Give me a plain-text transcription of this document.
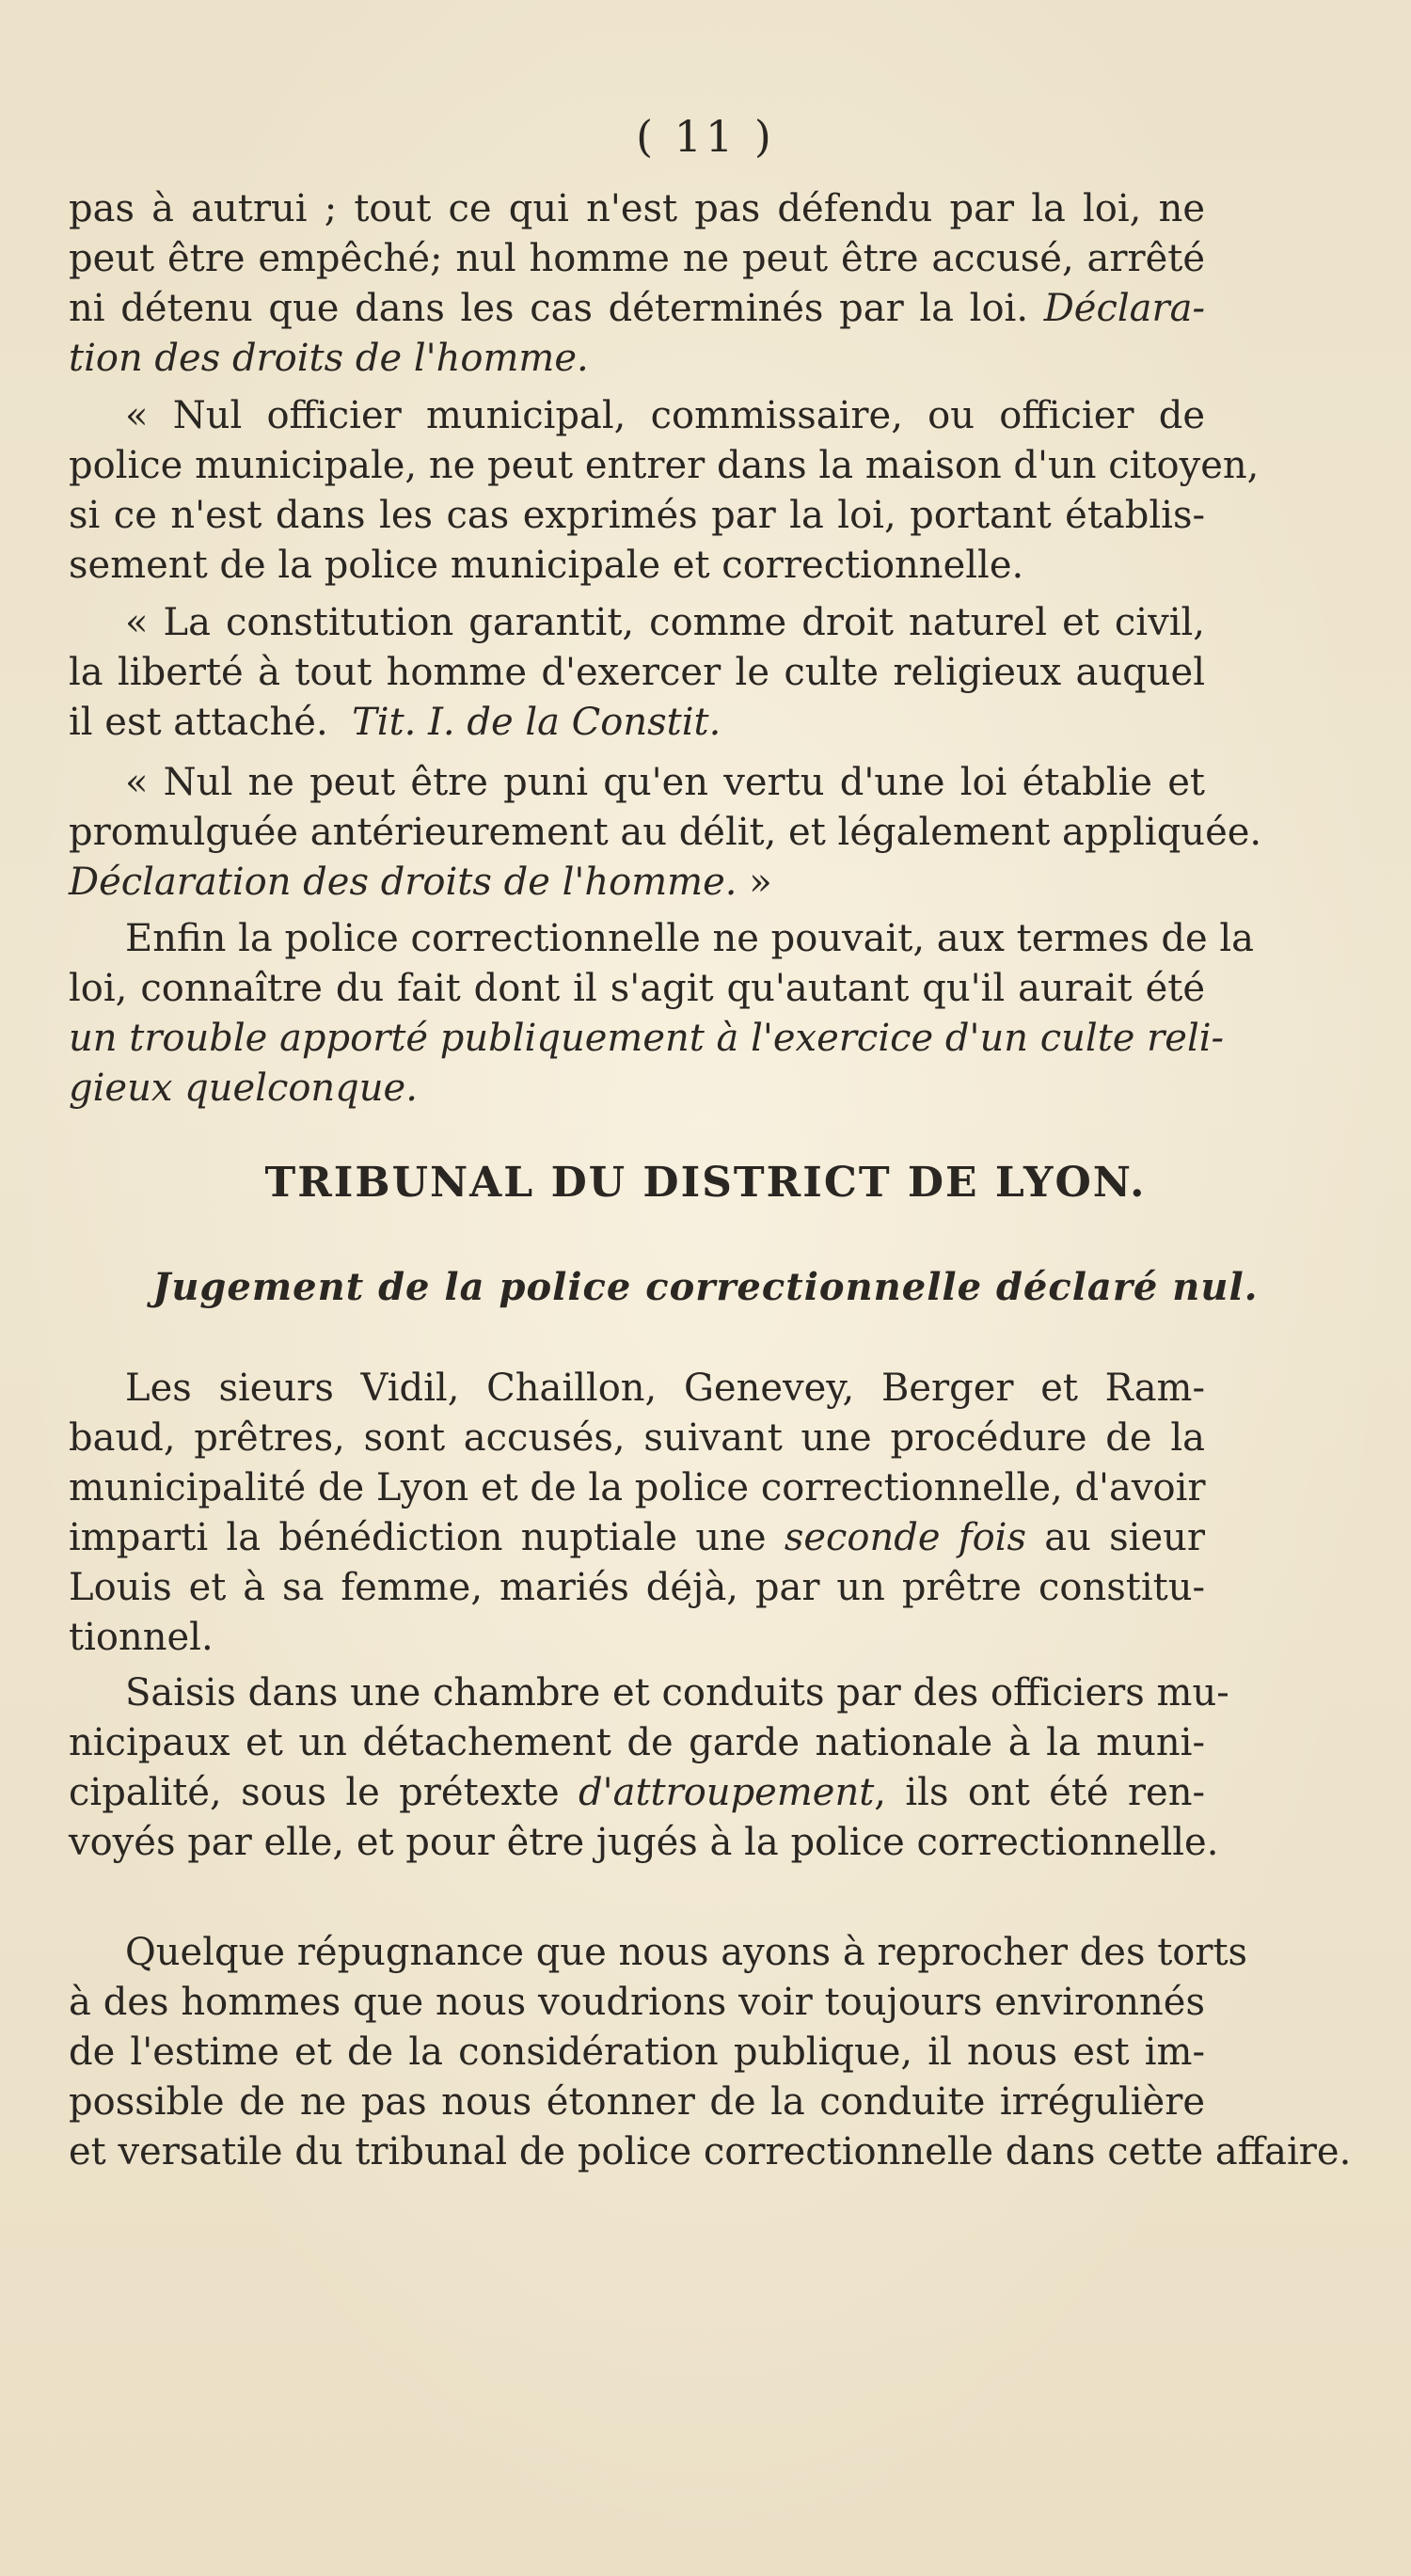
( 11 )
pas à autrui ; tout ce qui n'est pas défendu par la loi, ne
peut être empêché; nul homme ne peut être accusé, arrêté
ni détenu que dans les cas déterminés par la loi. Déclara-
tion des droits de l'homme.
« Nul officier municipal, commissaire, ou officier de
police municipale, ne peut entrer dans la maison d'un citoyen,
si ce n'est dans les cas exprimés par la loi, portant établis-
sement de la police municipale et correctionnelle.
« La constitution garantit, comme droit naturel et civil,
la liberté à tout homme d'exercer le culte religieux auquel
il est attaché. Tit. I. de la Constit.
« Nul ne peut être puni qu'en vertu d'une loi établie et
promulguée antérieurement au délit, et légalement appliquée.
Déclaration des droits de l'homme. »
Enfin la police correctionnelle ne pouvait, aux termes de la
loi, connaître du fait dont il s'agit qu'autant qu'il aurait été
un trouble apporté publiquement à l'exercice d'un culte reli-
gieux quelconque.
TRIBUNAL DU DISTRICT DE LYON.
Jugement de la police correctionnelle déclaré nul.
Les sieurs Vidil, Chaillon, Genevey, Berger et Ram-
baud, prêtres, sont accusés, suivant une procédure de la
municipalité de Lyon et de la police correctionnelle, d'avoir
imparti la bénédiction nuptiale une seconde fois au sieur
Louis et à sa femme, mariés déjà, par un prêtre constitu-
tionnel.
Saisis dans une chambre et conduits par des officiers mu-
nicipaux et un détachement de garde nationale à la muni-
cipalité, sous le prétexte d'attroupement, ils ont été ren-
voyés par elle, et pour être jugés à la police correctionnelle.
Quelque répugnance que nous ayons à reprocher des torts
à des hommes que nous voudrions voir toujours environnés
de l'estime et de la considération publique, il nous est im-
possible de ne pas nous étonner de la conduite irrégulière
et versatile du tribunal de police correctionnelle dans cette affaire.
